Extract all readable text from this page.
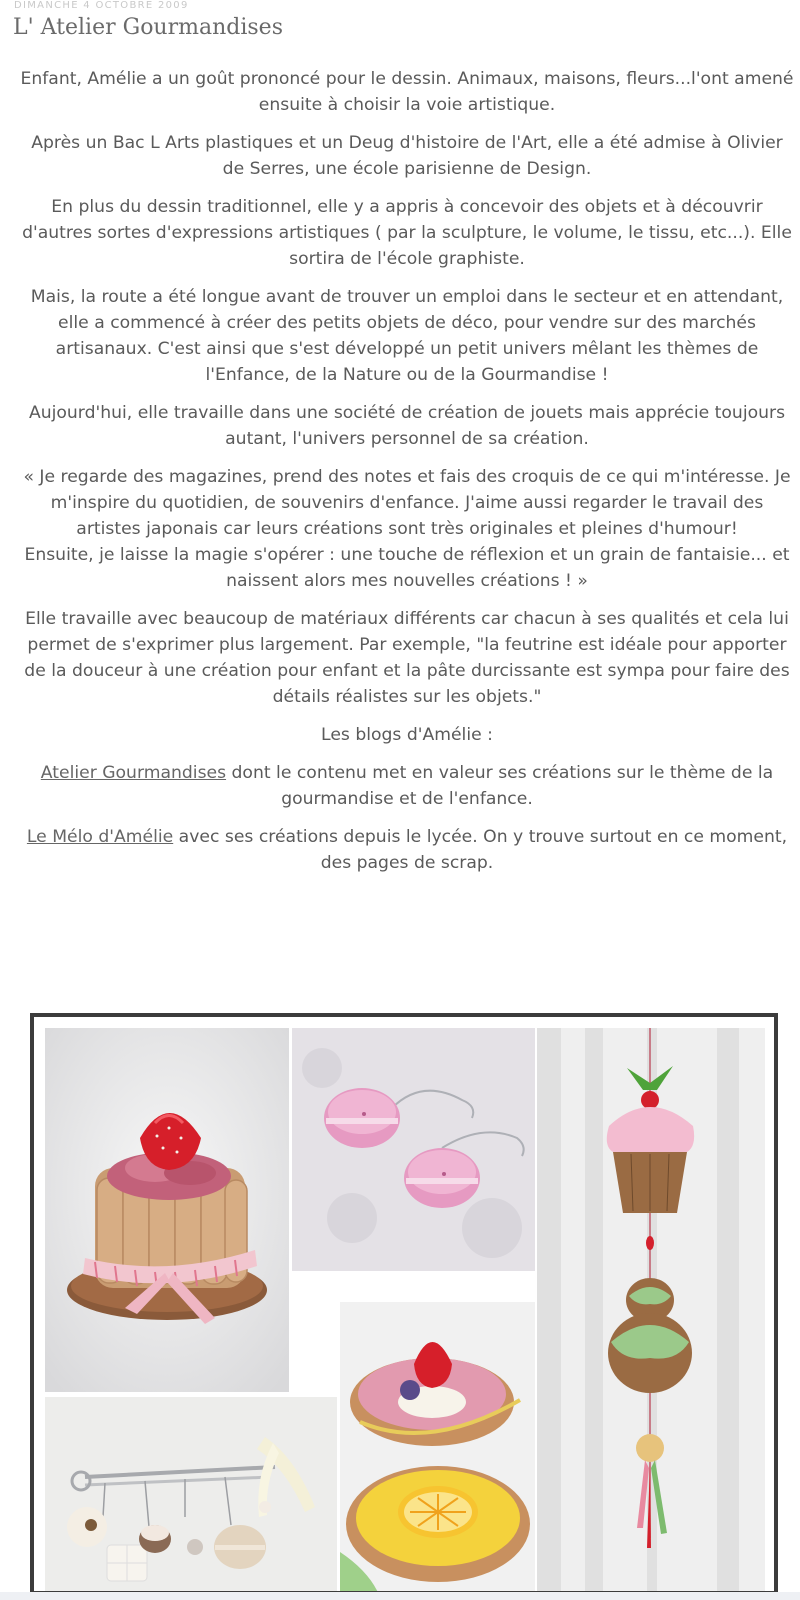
DIMANCHE 4 OCTOBRE 2009
L' Atelier Gourmandises

Enfant, Amélie a un goût prononcé pour le dessin. Animaux, maisons, fleurs...l'ont amené ensuite à choisir la voie artistique.

Après un Bac L Arts plastiques et un Deug d'histoire de l'Art, elle a été admise à Olivier de Serres, une école parisienne de Design.

En plus du dessin traditionnel, elle y a appris à concevoir des objets et à découvrir d'autres sortes d'expressions artistiques ( par la sculpture, le volume, le tissu, etc...). Elle sortira de l'école graphiste.

Mais, la route a été longue avant de trouver un emploi dans le secteur et en attendant, elle a commencé à créer des petits objets de déco, pour vendre sur des marchés artisanaux. C'est ainsi que s'est développé un petit univers mêlant les thèmes de l'Enfance, de la Nature ou de la Gourmandise !

Aujourd'hui, elle travaille dans une société de création de jouets mais apprécie toujours autant, l'univers personnel de sa création.

« Je regarde des magazines, prend des notes et fais des croquis de ce qui m'intéresse. Je m'inspire du quotidien, de souvenirs d'enfance. J'aime aussi regarder le travail des artistes japonais car leurs créations sont très originales et pleines d'humour!
Ensuite, je laisse la magie s'opérer : une touche de réflexion et un grain de fantaisie... et naissent alors mes nouvelles créations ! »

Elle travaille avec beaucoup de matériaux différents car chacun à ses qualités et cela lui permet de s'exprimer plus largement. Par exemple, "la feutrine est idéale pour apporter de la douceur à une création pour enfant et la pâte durcissante est sympa pour faire des détails réalistes sur les objets."

Les blogs d'Amélie :

Atelier Gourmandises dont le contenu met en valeur ses créations sur le thème de la gourmandise et de l'enfance.

Le Mélo d'Amélie avec ses créations depuis le lycée. On y trouve surtout en ce moment, des pages de scrap.
